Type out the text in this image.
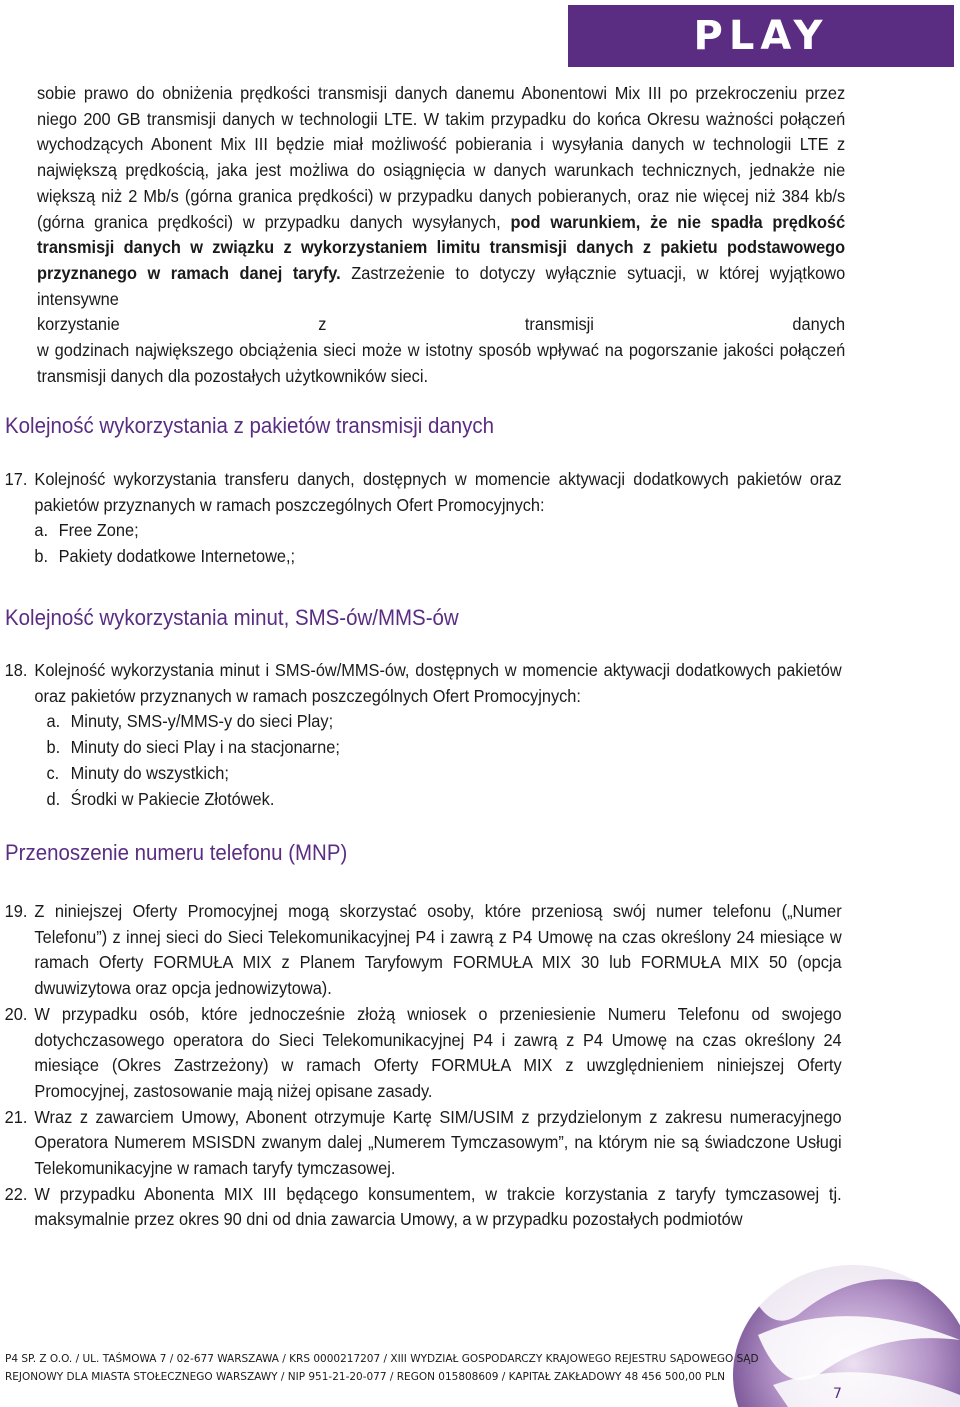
PLAY
sobie prawo do obniżenia prędkości transmisji danych danemu Abonentowi Mix III po przekroczeniu przez niego 200 GB transmisji danych w technologii LTE. W takim przypadku do końca Okresu ważności połączeń wychodzących Abonent Mix III będzie miał możliwość pobierania i wysyłania danych w technologii LTE z największą prędkością, jaka jest możliwa do osiągnięcia w danych warunkach technicznych, jednakże nie większą niż 2 Mb/s (górna granica prędkości) w przypadku danych pobieranych, oraz nie więcej niż 384 kb/s (górna granica prędkości) w przypadku danych wysyłanych, pod warunkiem, że nie spadła prędkość transmisji danych w związku z wykorzystaniem limitu transmisji danych z pakietu podstawowego przyznanego w ramach danej taryfy. Zastrzeżenie to dotyczy wyłącznie sytuacji, w której wyjątkowo intensywne
korzystanie	z	transmisji	danych
w godzinach największego obciążenia sieci może w istotny sposób wpływać na pogorszanie jakości połączeń transmisji danych dla pozostałych użytkowników sieci.
Kolejność wykorzystania z pakietów transmisji danych
17. Kolejność wykorzystania transferu danych, dostępnych w momencie aktywacji dodatkowych pakietów oraz pakietów przyznanych w ramach poszczególnych Ofert Promocyjnych:
a. Free Zone;
b. Pakiety dodatkowe Internetowe,;
Kolejność wykorzystania minut, SMS-ów/MMS-ów
18. Kolejność wykorzystania minut i SMS-ów/MMS-ów, dostępnych w momencie aktywacji dodatkowych pakietów oraz pakietów przyznanych w ramach poszczególnych Ofert Promocyjnych:
a. Minuty, SMS-y/MMS-y do sieci Play;
b. Minuty do sieci Play i na stacjonarne;
c. Minuty do wszystkich;
d. Środki w Pakiecie Złotówek.
Przenoszenie numeru telefonu (MNP)
19. Z niniejszej Oferty Promocyjnej mogą skorzystać osoby, które przeniosą swój numer telefonu („Numer Telefonu”) z innej sieci do Sieci Telekomunikacyjnej P4 i zawrą z P4 Umowę na czas określony 24 miesiące w ramach Oferty FORMUŁA MIX z Planem Taryfowym FORMUŁA MIX 30 lub FORMUŁA MIX 50 (opcja dwuwizytowa oraz opcja jednowizytowa).
20. W przypadku osób, które jednocześnie złożą wniosek o przeniesienie Numeru Telefonu od swojego dotychczasowego operatora do Sieci Telekomunikacyjnej P4 i zawrą z P4 Umowę na czas określony 24 miesiące (Okres Zastrzeżony) w ramach Oferty FORMUŁA MIX z uwzględnieniem niniejszej Oferty Promocyjnej, zastosowanie mają niżej opisane zasady.
21. Wraz z zawarciem Umowy, Abonent otrzymuje Kartę SIM/USIM z przydzielonym z zakresu numeracyjnego Operatora Numerem MSISDN zwanym dalej „Numerem Tymczasowym”, na którym nie są świadczone Usługi Telekomunikacyjne w ramach taryfy tymczasowej.
22. W przypadku Abonenta MIX III będącego konsumentem, w trakcie korzystania z taryfy tymczasowej tj. maksymalnie przez okres 90 dni od dnia zawarcia Umowy, a w przypadku pozostałych podmiotów
P4 SP. Z O.O. / UL. TAŚMOWA 7 / 02-677 WARSZAWA / KRS 0000217207 / XIII WYDZIAŁ GOSPODARCZY KRAJOWEGO REJESTRU SĄDOWEGO SĄD
REJONOWY DLA MIASTA STOŁECZNEGO WARSZAWY / NIP 951-21-20-077 / REGON 015808609 / KAPITAŁ ZAKŁADOWY 48 456 500,00 PLN
7
